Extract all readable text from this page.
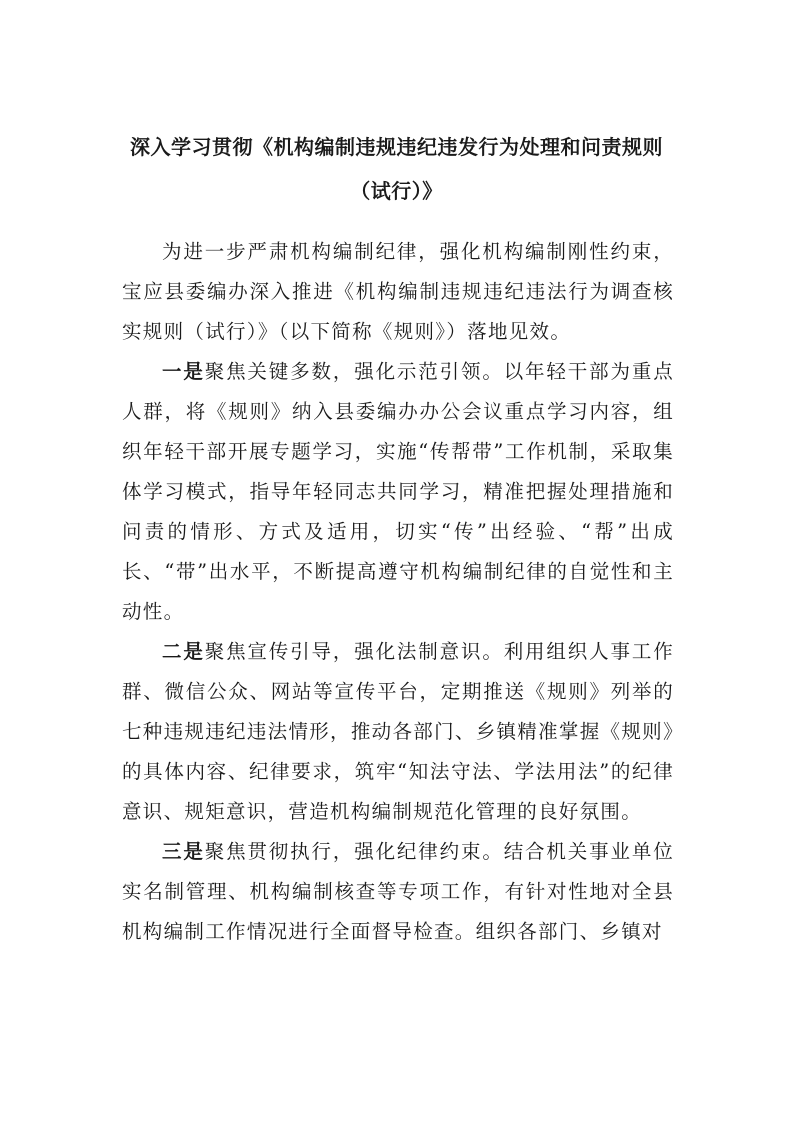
深入学习贯彻《机构编制违规违纪违发行为处理和问责规则
（试行）》

为进一步严肃机构编制纪律，强化机构编制刚性约束，宝应县委编办深入推进《机构编制违规违纪违法行为调查核实规则（试行）》（以下简称《规则》）落地见效。

一是聚焦关键多数，强化示范引领。以年轻干部为重点人群，将《规则》纳入县委编办办公会议重点学习内容，组织年轻干部开展专题学习，实施“传帮带”工作机制，采取集体学习模式，指导年轻同志共同学习，精准把握处理措施和问责的情形、方式及适用，切实“传”出经验、“帮”出成长、“带”出水平，不断提高遵守机构编制纪律的自觉性和主动性。

二是聚焦宣传引导，强化法制意识。利用组织人事工作群、微信公众、网站等宣传平台，定期推送《规则》列举的七种违规违纪违法情形，推动各部门、乡镇精准掌握《规则》的具体内容、纪律要求，筑牢“知法守法、学法用法”的纪律意识、规矩意识，营造机构编制规范化管理的良好氛围。

三是聚焦贯彻执行，强化纪律约束。结合机关事业单位实名制管理、机构编制核查等专项工作，有针对性地对全县机构编制工作情况进行全面督导检查。组织各部门、乡镇对
